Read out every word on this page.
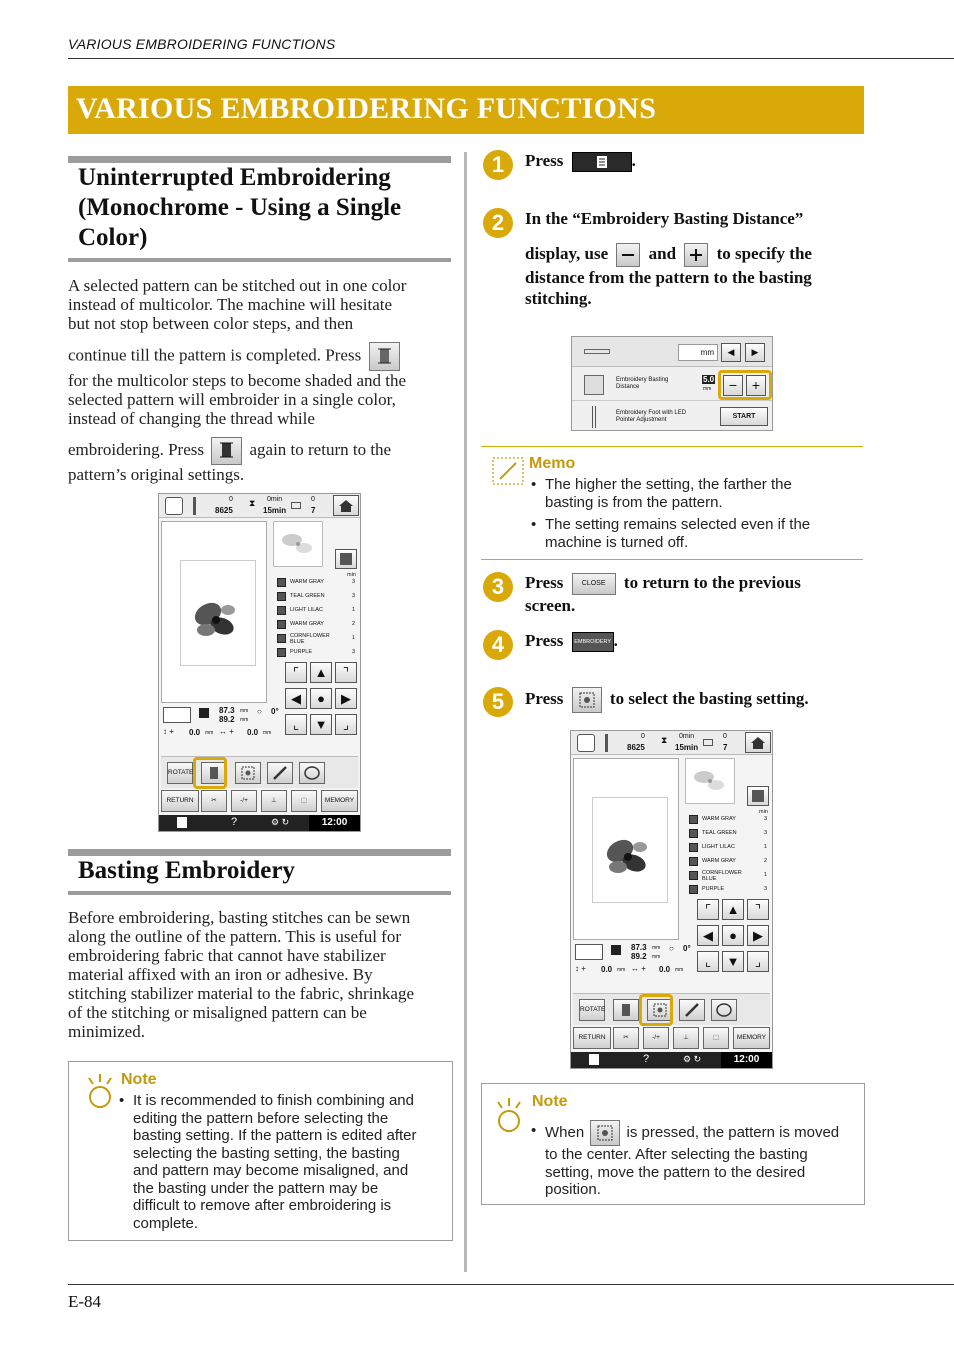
VARIOUS EMBROIDERING FUNCTIONS
VARIOUS EMBROIDERING FUNCTIONS
Uninterrupted Embroidering
(Monochrome - Using a Single
Color)
A selected pattern can be stitched out in one color
instead of multicolor. The machine will hesitate
but not stop between color steps, and then
continue till the pattern is completed. Press
for the multicolor steps to become shaded and the
selected pattern will embroider in a single color,
instead of changing the thread while
embroidering. Press	again to return to the
pattern’s original settings.
0
8625
⧗ 0min
15min
0
7
min
WARM GRAY	3
TEAL GREEN	3
LIGHT LILAC	1
WARM GRAY	2
CORNFLOWER BLUE
1
PURPLE	3
⌜	▲	⌝
◀	●	▶
⌞	▼	⌟
87.3 mm
89.2 mm
○ 0°
↕ + 0.0 mm ↔ + 0.0 mm
ROTATE
RETURN	✂	-/+	⊥	⬚	MEMORY
?	⚙ ↻	12:00
Basting Embroidery
Before embroidering, basting stitches can be sewn
along the outline of the pattern. This is useful for
embroidering fabric that cannot have stabilizer
material affixed with an iron or adhesive. By
stitching stabilizer material to the fabric, shrinkage
of the stitching or misaligned pattern can be
minimized.
Note
• It is recommended to finish combining and
editing the pattern before selecting the
basting setting. If the pattern is edited after
selecting the basting setting, the basting
and pattern may become misaligned, and
the basting under the pattern may be
difficult to remove after embroidering is
complete.
1	Press	.
2	In the “Embroidery Basting Distance”
display, use and to specify the
distance from the pattern to the basting
stitching.
mm	◀	▶
Embroidery Basting
Distance
5.0
mm	−	+
Embroidery Foot with LED
Pointer Adjustment	START
Memo
• The higher the setting, the farther the
basting is from the pattern.
• The setting remains selected even if the
machine is turned off.
3	Press	CLOSE to return to the previous
screen.
4	Press EMBROIDERY .
5	Press	to select the basting setting.
0
8625
⧗ 0min
15min
0
7
min
WARM GRAY	3
TEAL GREEN	3
LIGHT LILAC	1
WARM GRAY	2
CORNFLOWER BLUE
1
PURPLE	3
⌜	▲	⌝
◀	●	▶
⌞	▼	⌟
87.3 mm
89.2 mm
○ 0°
↕ + 0.0 mm ↔ + 0.0 mm
ROTATE
RETURN	✂	-/+	⊥	⬚	MEMORY
?	⚙ ↻	12:00
Note
• When	is pressed, the pattern is moved
to the center. After selecting the basting
setting, move the pattern to the desired
position.
E-84
